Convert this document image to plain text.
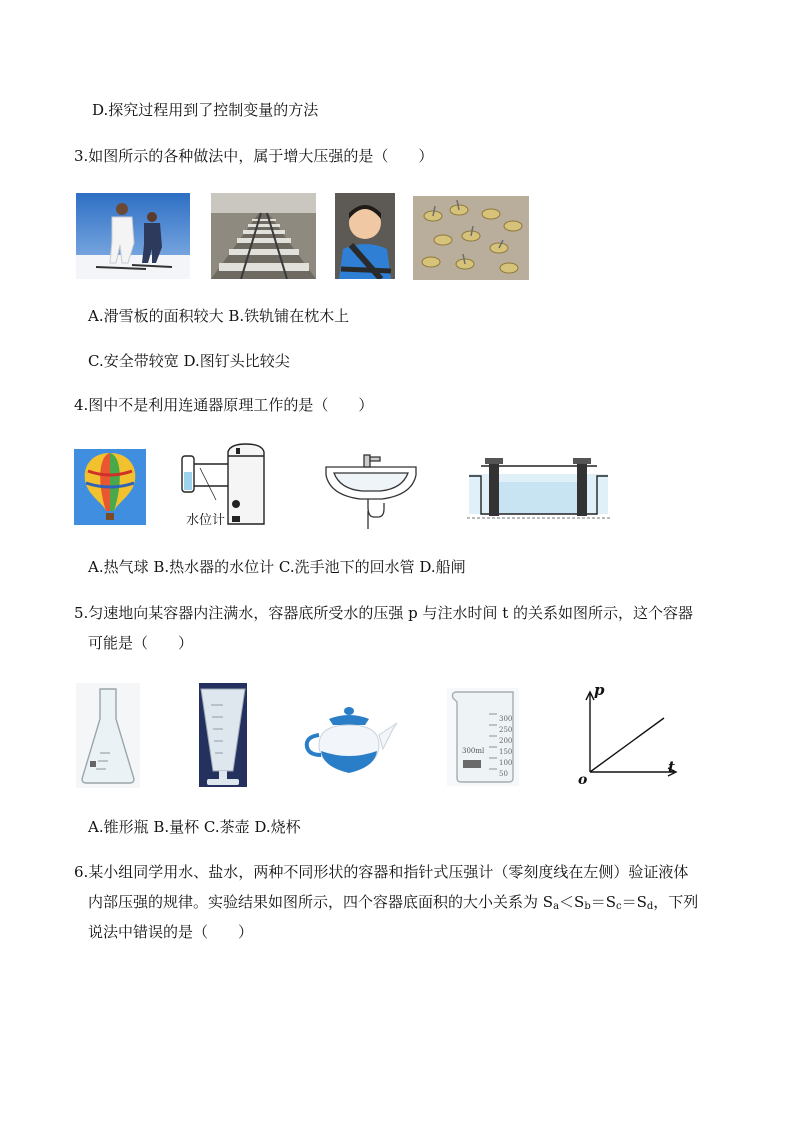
D.探究过程用到了控制变量的方法
3.如图所示的各种做法中，属于增大压强的是（　　）
A.滑雪板的面积较大 B.铁轨铺在枕木上
C.安全带较宽 D.图钉头比较尖
4.图中不是利用连通器原理工作的是（　　）
水位计
A.热气球 B.热水器的水位计 C.洗手池下的回水管 D.船闸
5.匀速地向某容器内注满水，容器底所受水的压强 p 与注水时间 t 的关系如图所示，这个容器
可能是（　　）
300
250
200
150
100
50
300ml
p
t
o
A.锥形瓶 B.量杯 C.茶壶 D.烧杯
6.某小组同学用水、盐水，两种不同形状的容器和指针式压强计（零刻度线在左侧）验证液体
内部压强的规律。实验结果如图所示，四个容器底面积的大小关系为 $S_a<S_b=S_c=S_d$，下列
说法中错误的是（　　）
